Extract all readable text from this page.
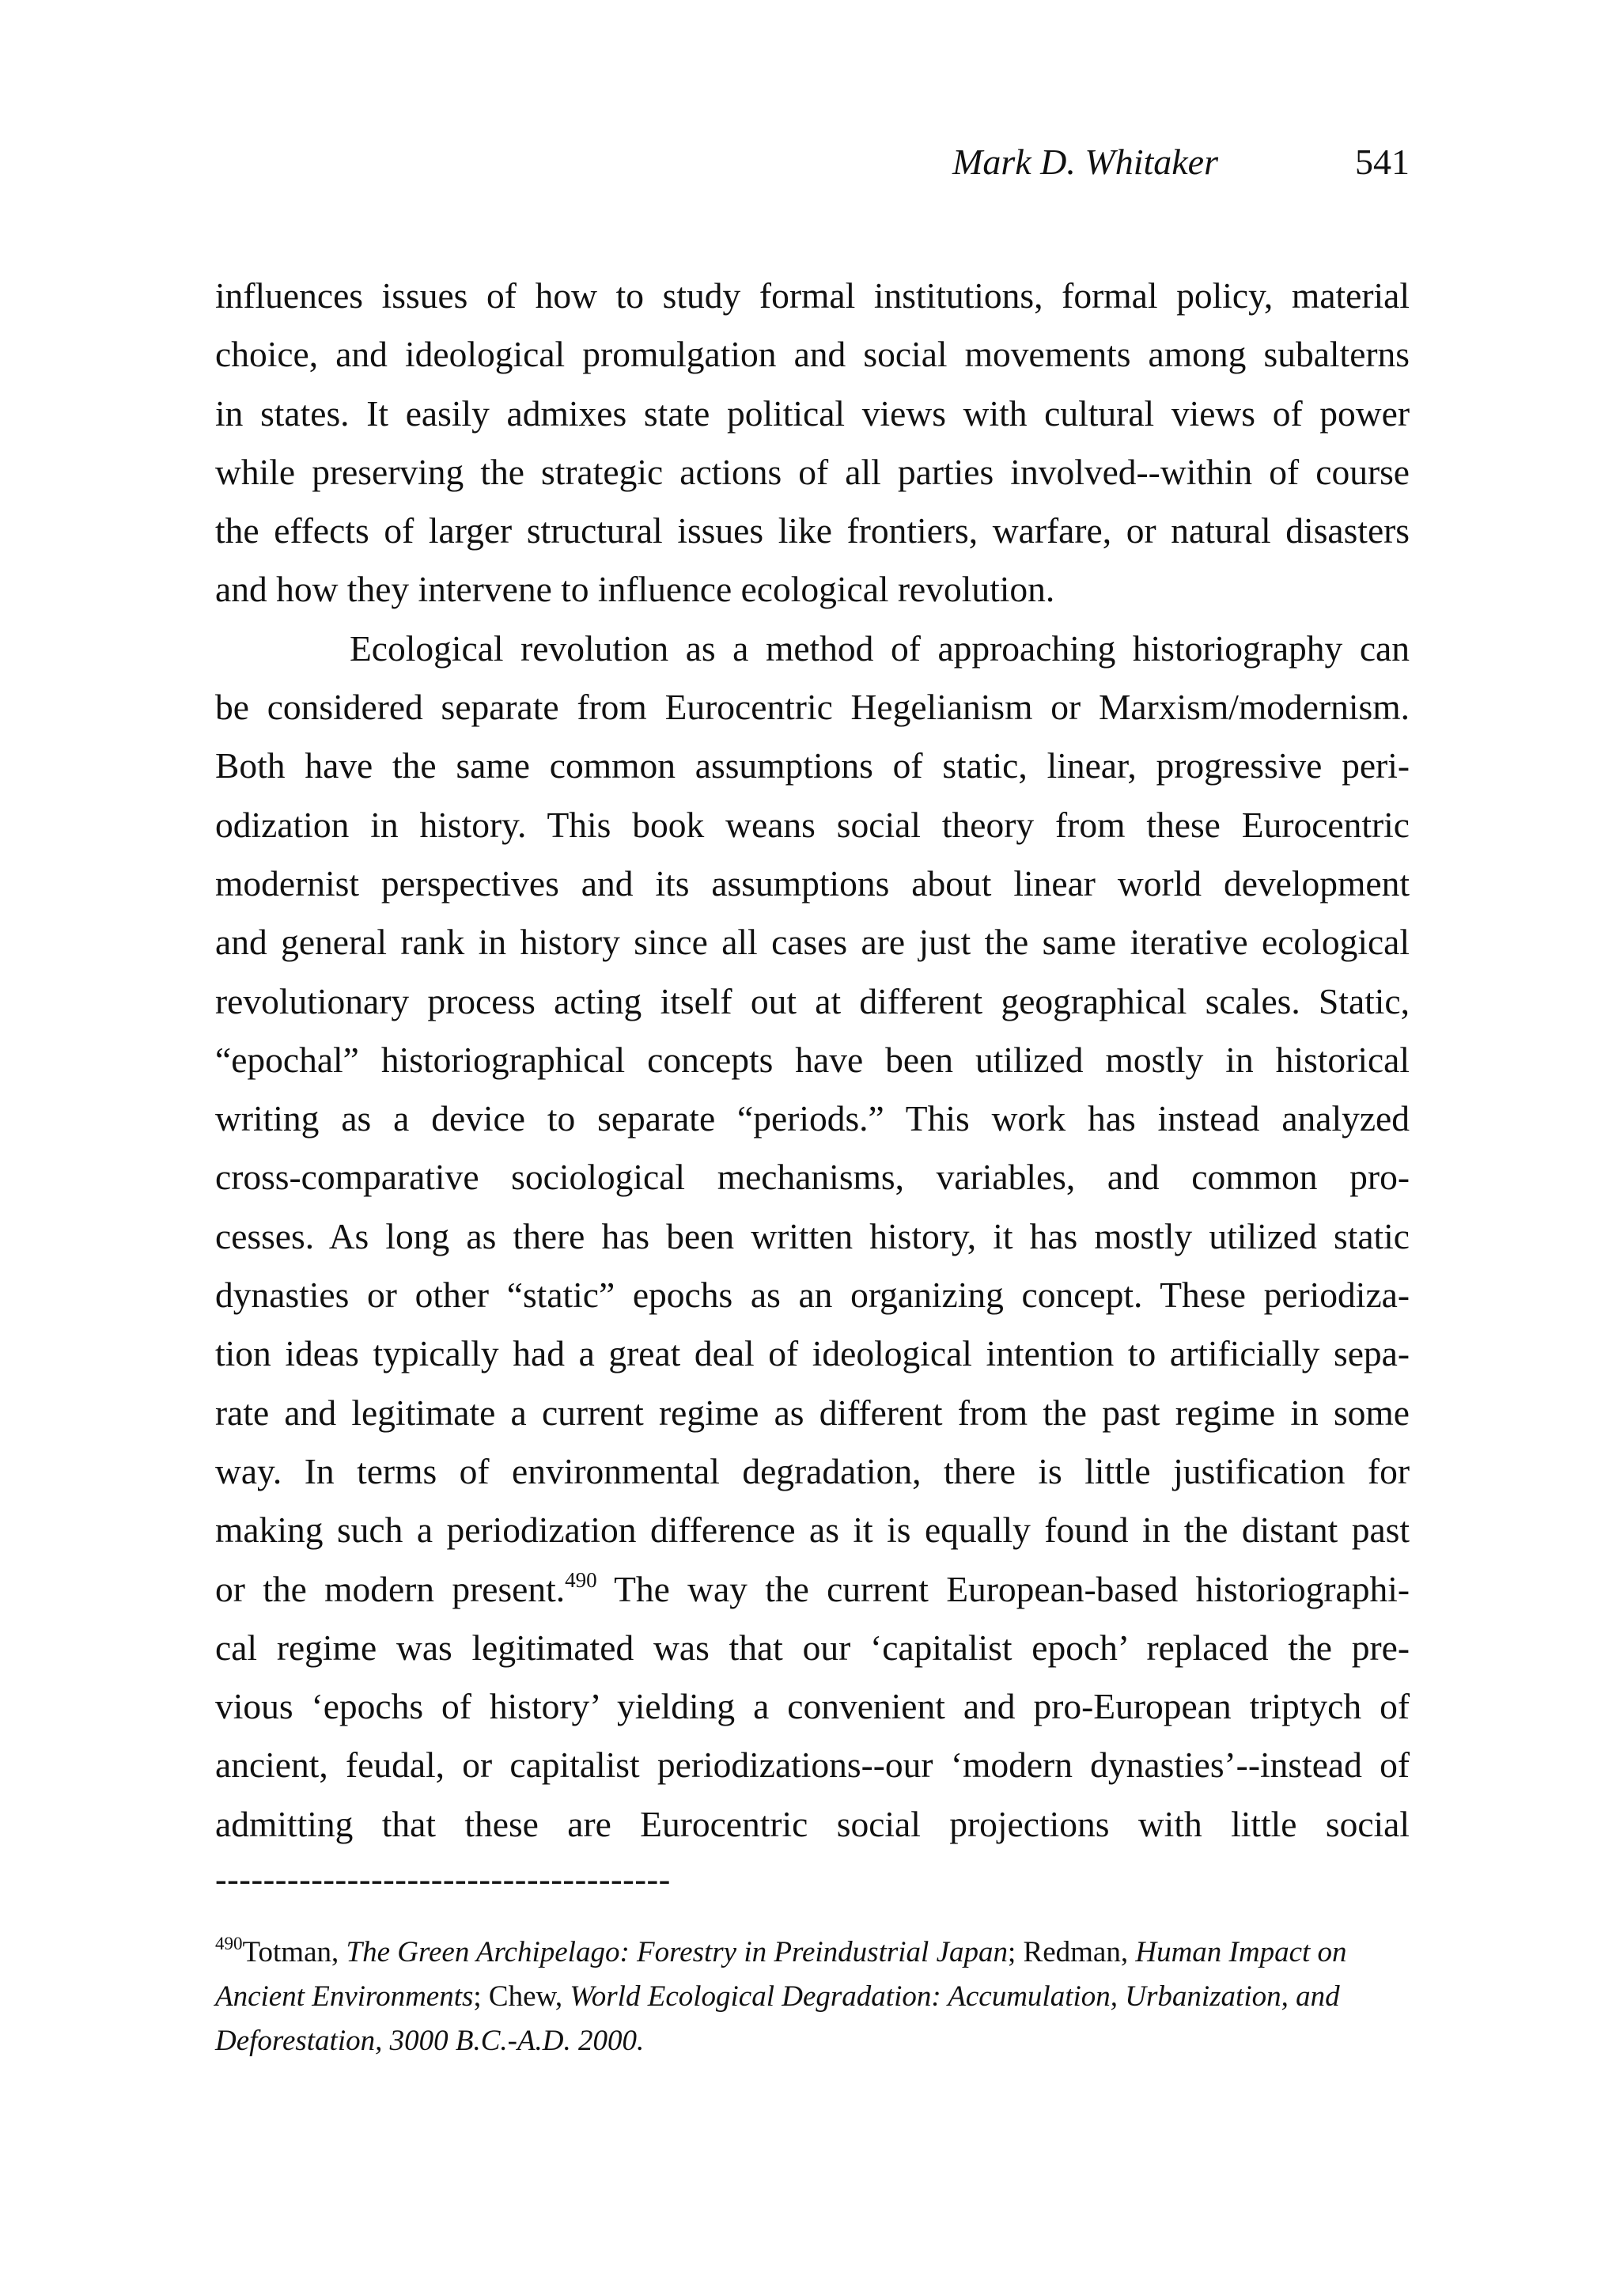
Mark D. Whitaker	541
influences issues of how to study formal institutions, formal policy, material
choice, and ideological promulgation and social movements among subalterns
in states. It easily admixes state political views with cultural views of power
while preserving the strategic actions of all parties involved--within of course
the effects of larger structural issues like frontiers, warfare, or natural disasters
and how they intervene to influence ecological revolution.
Ecological revolution as a method of approaching historiography can
be considered separate from Eurocentric Hegelianism or Marxism/modernism.
Both have the same common assumptions of static, linear, progressive peri-
odization in history. This book weans social theory from these Eurocentric
modernist perspectives and its assumptions about linear world development
and general rank in history since all cases are just the same iterative ecological
revolutionary process acting itself out at different geographical scales. Static,
“epochal” historiographical concepts have been utilized mostly in historical
writing as a device to separate “periods.” This work has instead analyzed
cross-comparative sociological mechanisms, variables, and common pro-
cesses. As long as there has been written history, it has mostly utilized static
dynasties or other “static” epochs as an organizing concept. These periodiza-
tion ideas typically had a great deal of ideological intention to artificially sepa-
rate and legitimate a current regime as different from the past regime in some
way. In terms of environmental degradation, there is little justification for
making such a periodization difference as it is equally found in the distant past
or the modern present.$^{490}$ The way the current European-based historiographi-
cal regime was legitimated was that our ‘capitalist epoch’ replaced the pre-
vious ‘epochs of history’ yielding a convenient and pro-European triptych of
ancient, feudal, or capitalist periodizations--our ‘modern dynasties’--instead of
admitting that these are Eurocentric social projections with little social
--------------------------------------
$^{490}$Totman, The Green Archipelago: Forestry in Preindustrial Japan; Redman, Human Impact on
Ancient Environments; Chew, World Ecological Degradation: Accumulation, Urbanization, and
Deforestation, 3000 B.C.-A.D. 2000.
